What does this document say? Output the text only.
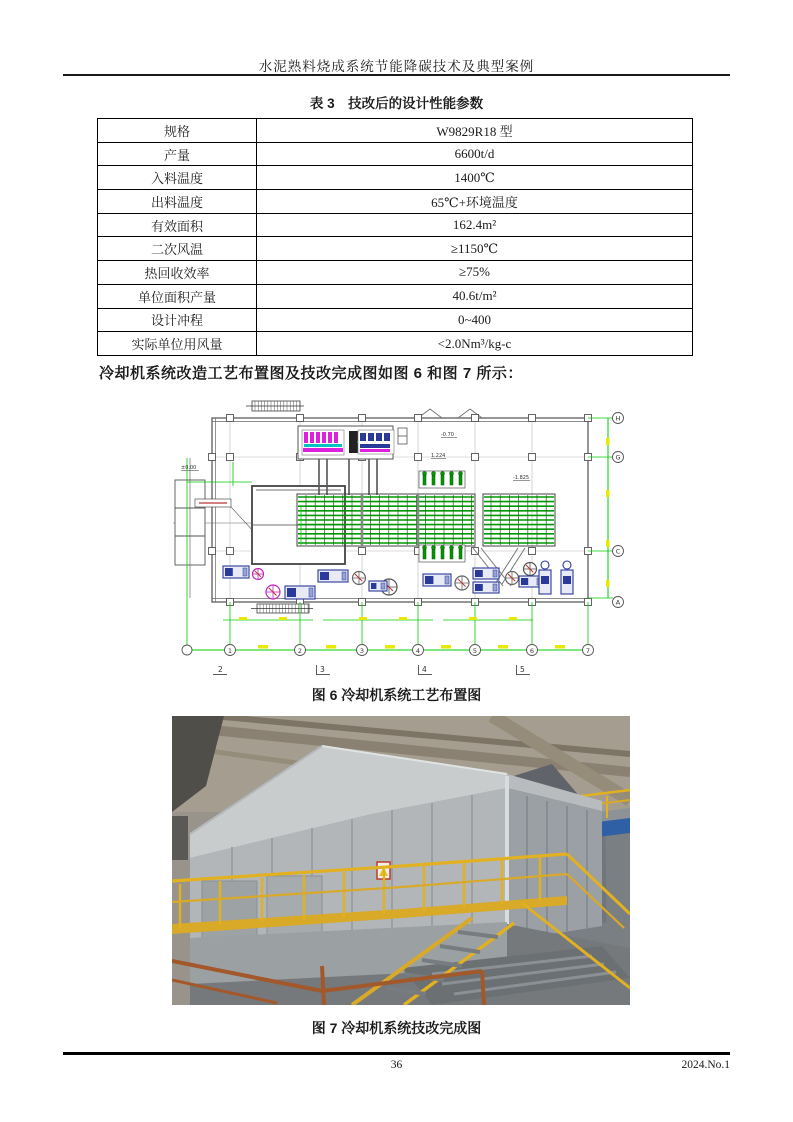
水泥熟料烧成系统节能降碳技术及典型案例
表 3　技改后的设计性能参数
规格	W9829R18 型
产量	6600t/d
入料温度	1400℃
出料温度	65℃+环境温度
有效面积	162.4m²
二次风温	≥1150℃
热回收效率	≥75%
单位面积产量	40.6t/m²
设计冲程	0~400
实际单位用风量	<2.0Nm³/kg-c
冷却机系统改造工艺布置图及技改完成图如图 6 和图 7 所示：
1	2	3	4	5	6	7
H
G
C
A
2	3	4	5
±0.00
-0.70
1.224
-1.825
图 6 冷却机系统工艺布置图
图 7 冷却机系统技改完成图
36	2024.No.1
